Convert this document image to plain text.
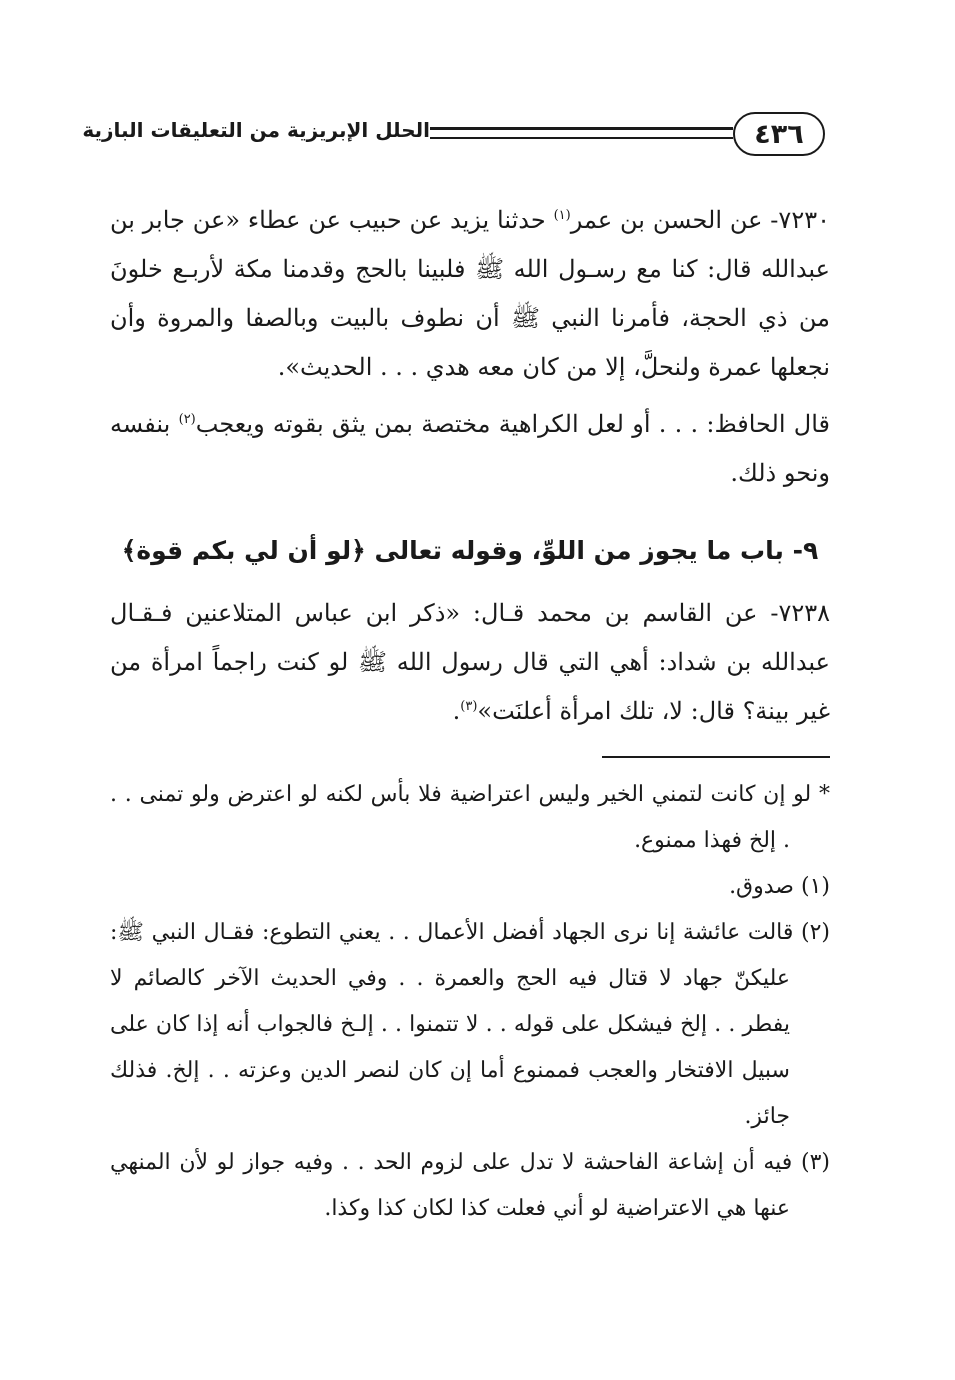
٤٣٦
الحلل الإبريزية من التعليقات البازية

٧٢٣٠- عن الحسن بن عمر$^{(١)}$ حدثنا يزيد عن حبيب عن عطاء «عن جابر بن عبدالله قال: كنا مع رسـول الله ﷺ فلبينا بالحج وقدمنا مكة لأربـع خلونَ من ذي الحجة، فأمرنا النبي ﷺ أن نطوف بالبيت وبالصفا والمروة وأن نجعلها عمرة ولنحلَّ، إلا من كان معه هدي . . . الحديث».

قال الحافظ: . . . أو لعل الكراهية مختصة بمن يثق بقوته ويعجب$^{(٢)}$ بنفسه ونحو ذلك.

٩- باب ما يجوز من اللوِّ، وقوله تعالى ﴿لو أن لي بكم قوة﴾

٧٢٣٨- عن القاسم بن محمد قـال: «ذكر ابن عباس المتلاعنين فـقـال عبدالله بن شداد: أهي التي قال رسول الله ﷺ لو كنت راجماً امرأة من غير بينة؟ قال: لا، تلك امرأة أعلنَت»$^{(٣)}$.

* لو إن كانت لتمني الخير وليس اعتراضية فلا بأس لكنه لو اعترض ولو تمنى . . . إلخ فهذا ممنوع.

(١) صدوق.

(٢) قالت عائشة إنا نرى الجهاد أفضل الأعمال . . يعني التطوع: فقـال النبي ﷺ: عليكنّ جهاد لا قتال فيه الحج والعمرة . . وفي الحديث الآخر كالصائم لا يفطر . . إلخ فيشكل على قوله . . لا تتمنوا . . إلـخ فالجواب أنه إذا كان على سبيل الافتخار والعجب فممنوع أما إن كان لنصر الدين وعزته . . إلخ. فذلك جائز.

(٣) فيه أن إشاعة الفاحشة لا تدل على لزوم الحد . . وفيه جواز لو لأن المنهي عنها هي الاعتراضية لو أني فعلت كذا لكان كذا وكذا.
